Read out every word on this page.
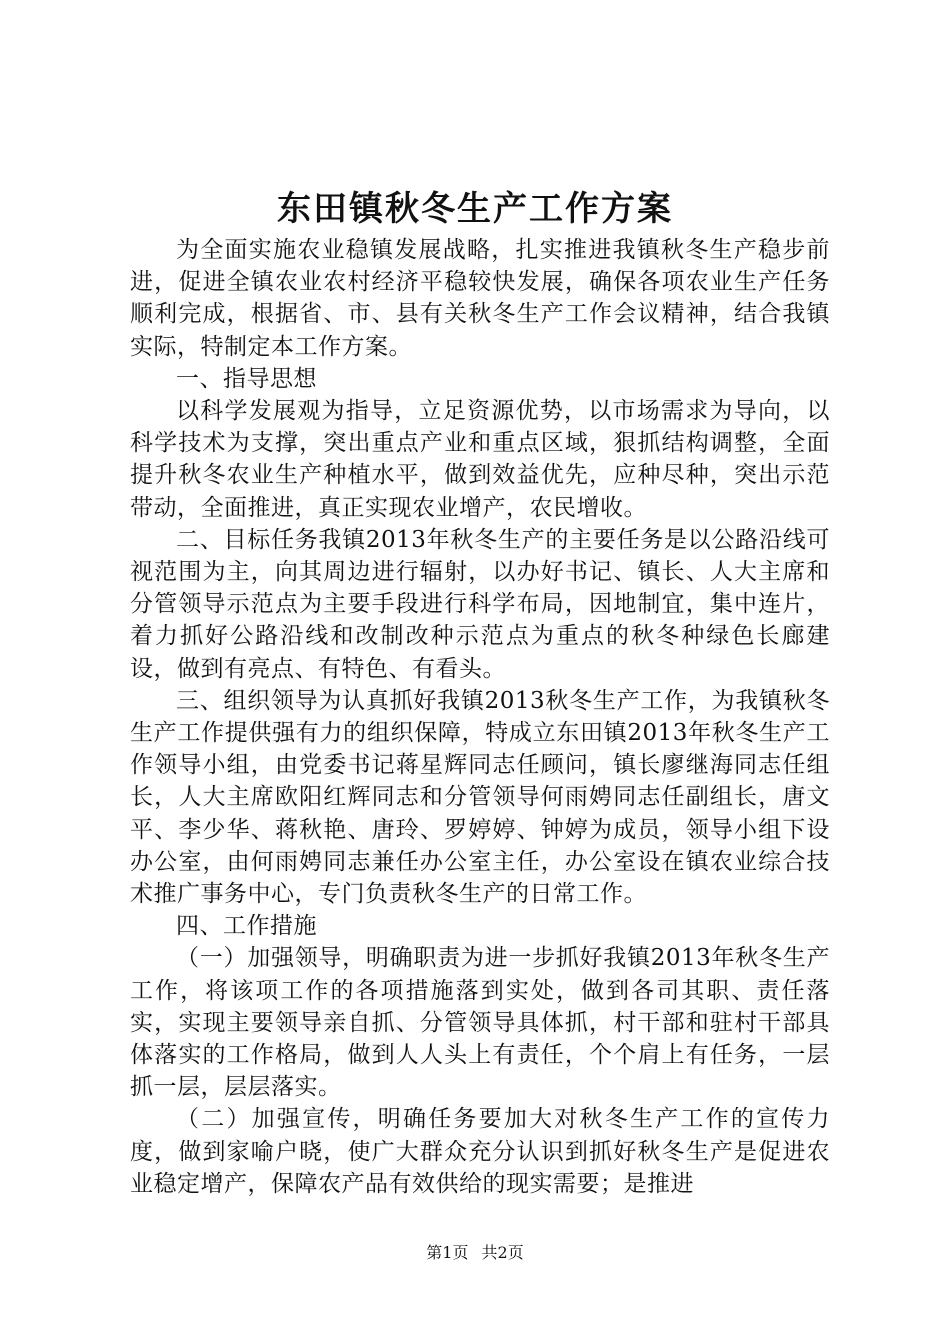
东田镇秋冬生产工作方案

为全面实施农业稳镇发展战略，扎实推进我镇秋冬生产稳步前进，促进全镇农业农村经济平稳较快发展，确保各项农业生产任务顺利完成，根据省、市、县有关秋冬生产工作会议精神，结合我镇实际，特制定本工作方案。

一、指导思想

以科学发展观为指导，立足资源优势，以市场需求为导向，以科学技术为支撑，突出重点产业和重点区域，狠抓结构调整，全面提升秋冬农业生产种植水平，做到效益优先，应种尽种，突出示范带动，全面推进，真正实现农业增产，农民增收。

二、目标任务我镇2013年秋冬生产的主要任务是以公路沿线可视范围为主，向其周边进行辐射，以办好书记、镇长、人大主席和分管领导示范点为主要手段进行科学布局，因地制宜，集中连片，着力抓好公路沿线和改制改种示范点为重点的秋冬种绿色长廊建设，做到有亮点、有特色、有看头。

三、组织领导为认真抓好我镇2013秋冬生产工作，为我镇秋冬生产工作提供强有力的组织保障，特成立东田镇2013年秋冬生产工作领导小组，由党委书记蒋星辉同志任顾问，镇长廖继海同志任组长，人大主席欧阳红辉同志和分管领导何雨娉同志任副组长，唐文平、李少华、蒋秋艳、唐玲、罗婷婷、钟婷为成员，领导小组下设办公室，由何雨娉同志兼任办公室主任，办公室设在镇农业综合技术推广事务中心，专门负责秋冬生产的日常工作。

四、工作措施

（一）加强领导，明确职责为进一步抓好我镇2013年秋冬生产工作，将该项工作的各项措施落到实处，做到各司其职、责任落实，实现主要领导亲自抓、分管领导具体抓，村干部和驻村干部具体落实的工作格局，做到人人头上有责任，个个肩上有任务，一层抓一层，层层落实。

（二）加强宣传，明确任务要加大对秋冬生产工作的宣传力度，做到家喻户晓，使广大群众充分认识到抓好秋冬生产是促进农业稳定增产，保障农产品有效供给的现实需要；是推进

第1页 共2页
